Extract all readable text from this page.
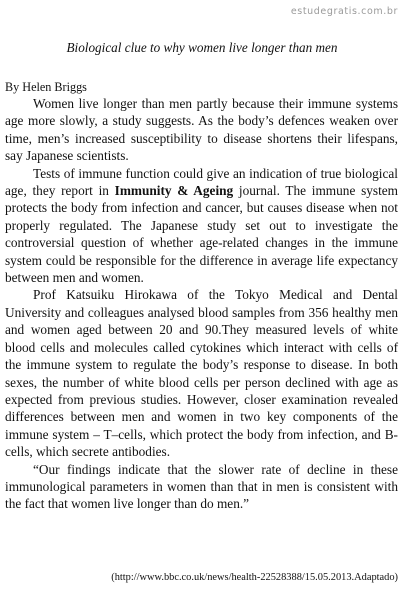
estudegratis.com.br
Biological clue to why women live longer than men
By Helen Briggs

Women live longer than men partly because their immune systems age more slowly, a study suggests. As the body’s defences weaken over time, men’s increased susceptibility to disease shortens their lifespans, say Japanese scientists.

Tests of immune function could give an indication of true biological age, they report in Immunity & Ageing journal. The immune system protects the body from infection and cancer, but causes disease when not properly regulated. The Japanese study set out to investigate the controversial question of whether age-related changes in the immune system could be responsible for the difference in average life expectancy between men and women.

Prof Katsuiku Hirokawa of the Tokyo Medical and Dental University and colleagues analysed blood samples from 356 healthy men and women aged between 20 and 90.They measured levels of white blood cells and molecules called cytokines which interact with cells of the immune system to regulate the body’s response to disease. In both sexes, the number of white blood cells per person declined with age as expected from previous studies. However, closer examination revealed differences between men and women in two key components of the immune system – T–cells, which protect the body from infection, and B-cells, which secrete antibodies.

“Our findings indicate that the slower rate of decline in these immunological parameters in women than that in men is consistent with the fact that women live longer than do men.”

(http://www.bbc.co.uk/news/health-22528388/15.05.2013.Adaptado)
